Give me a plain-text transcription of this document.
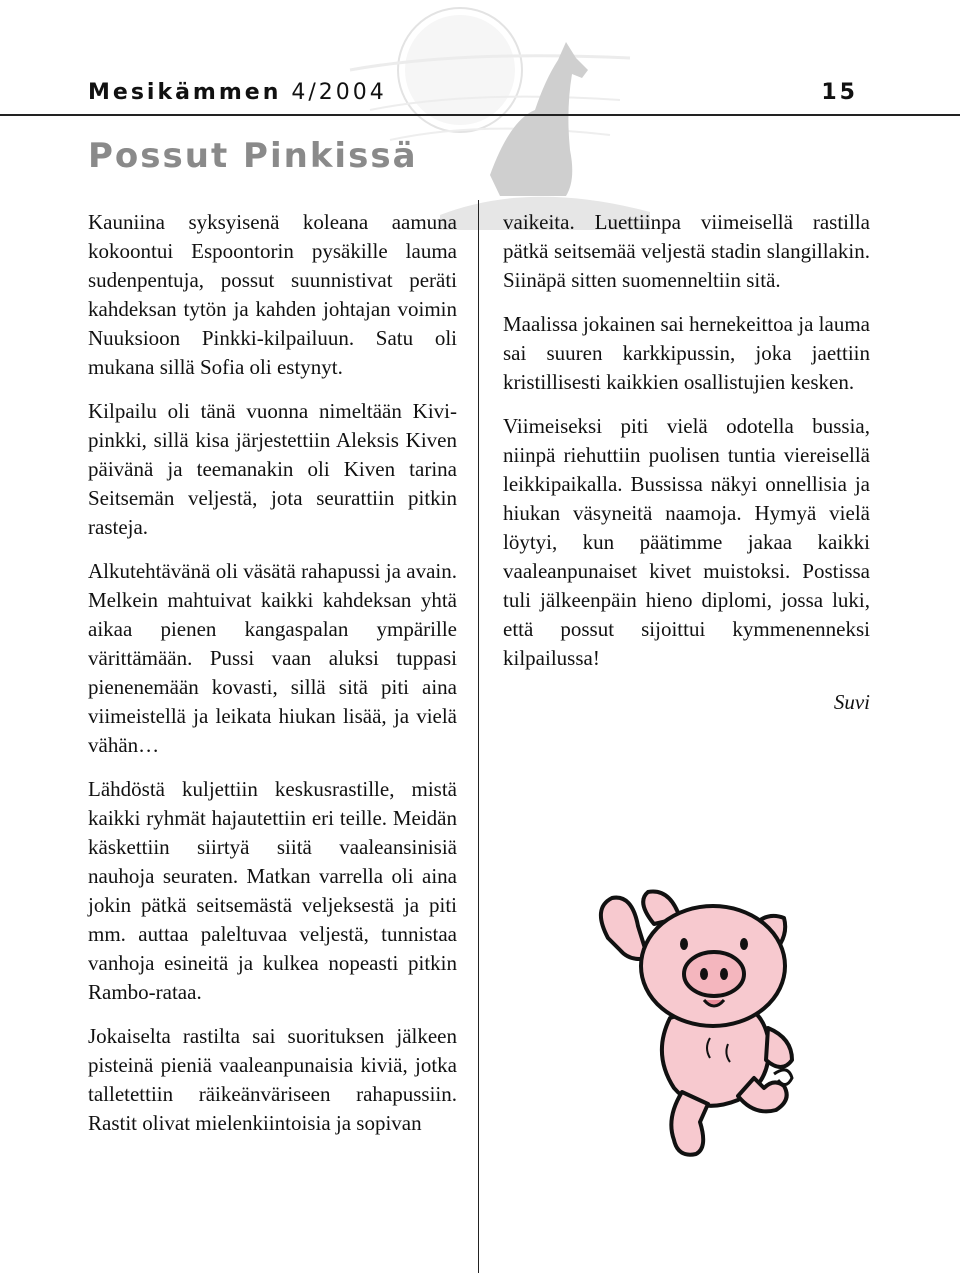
Mesikämmen 4/2004	15
Possut Pinkissä

Kauniina syksyisenä koleana aamuna kokoontui Espoontorin pysäkille lauma sudenpentuja, possut suunnistivat peräti kahdeksan tytön ja kahden johtajan voimin Nuuksioon Pinkki-kilpailuun. Satu oli mukana sillä Sofia oli estynyt.

Kilpailu oli tänä vuonna nimeltään Kivi-pinkki, sillä kisa järjestettiin Aleksis Kiven päivänä ja teemanakin oli Kiven tarina Seitsemän veljestä, jota seurattiin pitkin rasteja.

Alkutehtävänä oli väsätä rahapussi ja avain. Melkein mahtuivat kaikki kahdeksan yhtä aikaa pienen kangaspalan ympärille värittämään. Pussi vaan aluksi tuppasi pienenemään kovasti, sillä sitä piti aina viimeistellä ja leikata hiukan lisää, ja vielä vähän…

Lähdöstä kuljettiin keskusrastille, mistä kaikki ryhmät hajautettiin eri teille. Meidän käskettiin siirtyä siitä vaaleansinisiä nauhoja seuraten. Matkan varrella oli aina jokin pätkä seitsemästä veljeksestä ja piti mm. auttaa paleltuvaa veljestä, tunnistaa vanhoja esineitä ja kulkea nopeasti pitkin Rambo-rataa.

Jokaiselta rastilta sai suorituksen jälkeen pisteinä pieniä vaaleanpunaisia kiviä, jotka talletettiin räikeänväriseen rahapussiin. Rastit olivat mielenkiintoisia ja sopivan

vaikeita. Luettiinpa viimeisellä rastilla pätkä seitsemää veljestä stadin slangillakin. Siinäpä sitten suomenneltiin sitä.

Maalissa jokainen sai hernekeittoa ja lauma sai suuren karkkipussin, joka jaettiin kristillisesti kaikkien osallistujien kesken.

Viimeiseksi piti vielä odotella bussia, niinpä riehuttiin puolisen tuntia viereisellä leikkipaikalla. Bussissa näkyi onnellisia ja hiukan väsyneitä naamoja. Hymyä vielä löytyi, kun päätimme jakaa kaikki vaaleanpunaiset kivet muistoksi. Postissa tuli jälkeenpäin hieno diplomi, jossa luki, että possut sijoittui kymmenenneksi kilpailussa!

Suvi
